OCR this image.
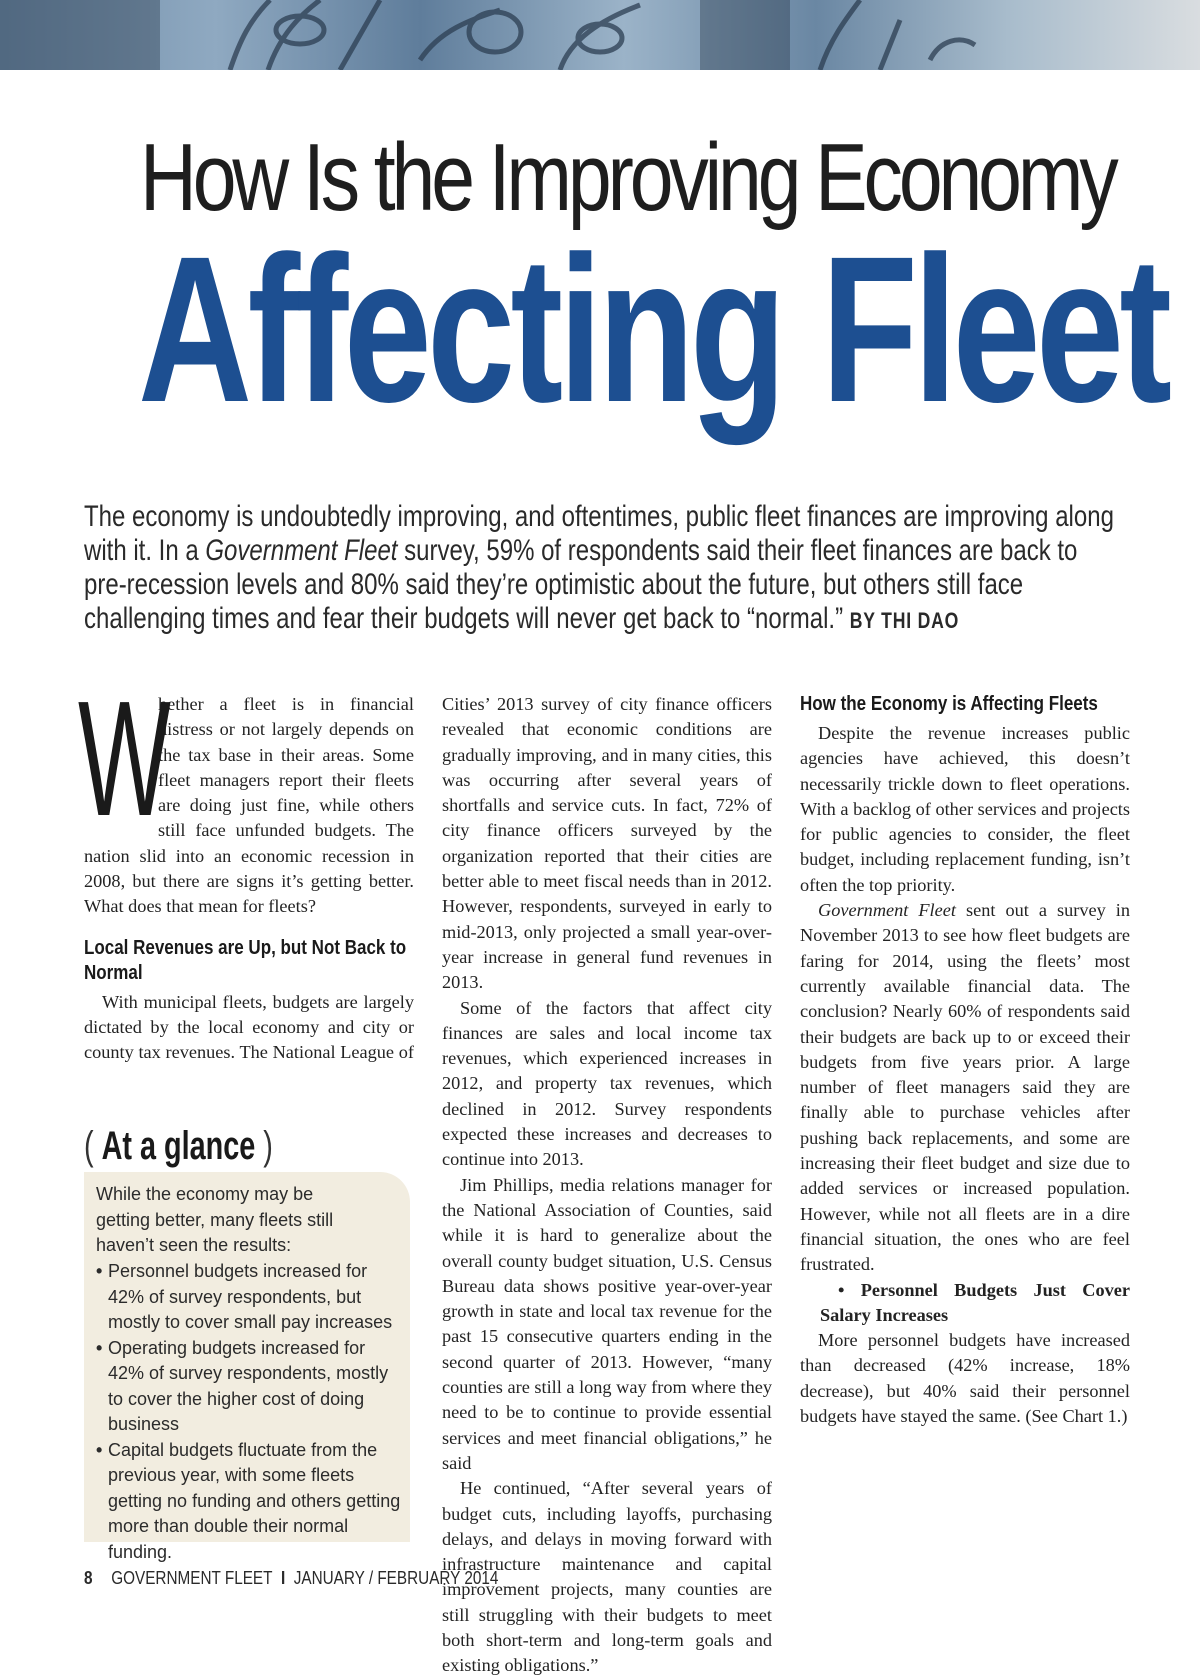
How Is the Improving Economy
Affecting Fleet
The economy is undoubtedly improving, and oftentimes, public fleet finances are improving along with it. In a Government Fleet survey, 59% of respondents said their fleet finances are back to pre-recession levels and 80% said they’re optimistic about the future, but others still face challenging times and fear their budgets will never get back to “normal.” BY THI DAO
W

hether a fleet is in financial distress or not largely depends on the tax base in their areas. Some fleet managers report their fleets are doing just fine, while others still face unfunded budgets. The nation slid into an economic recession in 2008, but there are signs it’s getting better. What does that mean for fleets?

Local Revenues are Up, but Not Back to Normal

With municipal fleets, budgets are largely dictated by the local economy and city or county tax revenues. The National League of

( At a glance )
While the economy may be getting better, many fleets still haven’t seen the results:
• Personnel budgets increased for 42% of survey respondents, but mostly to cover small pay increases
• Operating budgets increased for 42% of survey respondents, mostly to cover the higher cost of doing business
• Capital budgets fluctuate from the previous year, with some fleets getting no funding and others getting more than double their normal funding.

Cities’ 2013 survey of city finance officers revealed that economic conditions are gradually improving, and in many cities, this was occurring after several years of shortfalls and service cuts. In fact, 72% of city finance officers surveyed by the organization reported that their cities are better able to meet fiscal needs than in 2012. However, respondents, surveyed in early to mid-2013, only projected a small year-over-year increase in general fund revenues in 2013.

Some of the factors that affect city finances are sales and local income tax revenues, which experienced increases in 2012, and property tax revenues, which declined in 2012. Survey respondents expected these increases and decreases to continue into 2013.

Jim Phillips, media relations manager for the National Association of Counties, said while it is hard to generalize about the overall county budget situation, U.S. Census Bureau data shows positive year-over-year growth in state and local tax revenue for the past 15 consecutive quarters ending in the second quarter of 2013. However, “many counties are still a long way from where they need to be to continue to provide essential services and meet financial obligations,” he said

He continued, “After several years of budget cuts, including layoffs, purchasing delays, and delays in moving forward with infrastructure maintenance and capital improvement projects, many counties are still struggling with their budgets to meet both short-term and long-term goals and existing obligations.”

How the Economy is Affecting Fleets

Despite the revenue increases public agencies have achieved, this doesn’t necessarily trickle down to fleet operations. With a backlog of other services and projects for public agencies to consider, the fleet budget, including replacement funding, isn’t often the top priority.

Government Fleet sent out a survey in November 2013 to see how fleet budgets are faring for 2014, using the fleets’ most currently available financial data. The conclusion? Nearly 60% of respondents said their budgets are back up to or exceed their budgets from five years prior. A large number of fleet managers said they are finally able to purchase vehicles after pushing back replacements, and some are increasing their fleet budget and size due to added services or increased population. However, while not all fleets are in a dire financial situation, the ones who are feel frustrated.

• Personnel Budgets Just Cover Salary Increases

More personnel budgets have increased than decreased (42% increase, 18% decrease), but 40% said their personnel budgets have stayed the same. (See Chart 1.)

8 GOVERNMENT FLEET I JANUARY / FEBRUARY 2014
